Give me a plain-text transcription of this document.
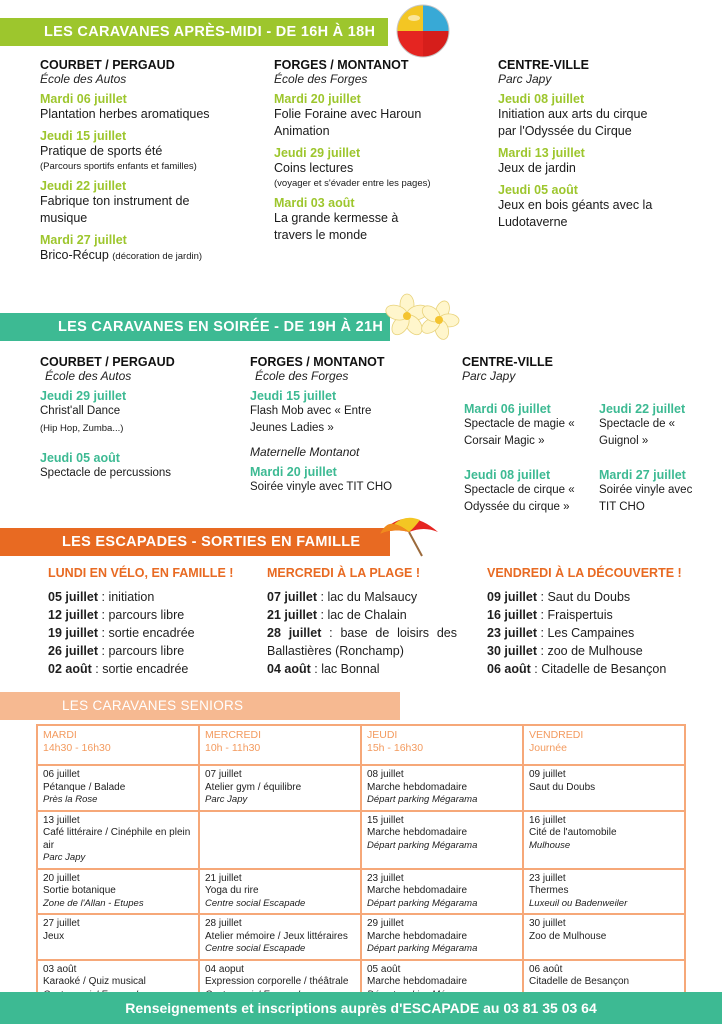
LES CARAVANES APRÈS-MIDI - DE 16H À 18H
COURBET / PERGAUD
École des Autos
Mardi 06 juillet
Plantation herbes aromatiques
Jeudi 15 juillet
Pratique de sports été
(Parcours sportifs enfants et familles)
Jeudi 22 juillet
Fabrique ton instrument de musique
Mardi 27 juillet
Brico-Récup (décoration de jardin)
FORGES / MONTANOT
École des Forges
Mardi 20 juillet
Folie Foraine avec Haroun Animation
Jeudi 29 juillet
Coins lectures
(voyager et s'évader entre les pages)
Mardi 03 août
La grande kermesse à travers le monde
CENTRE-VILLE
Parc Japy
Jeudi 08 juillet
Initiation aux arts du cirque par l'Odyssée du Cirque
Mardi 13 juillet
Jeux de jardin
Jeudi 05 août
Jeux en bois géants avec la Ludotaverne
LES CARAVANES EN SOIRÉE - DE 19H À 21H
COURBET / PERGAUD
École des Autos
Jeudi 29 juillet
Christ'all Dance
(Hip Hop, Zumba...)
Jeudi 05 août
Spectacle de percussions
FORGES / MONTANOT
École des Forges
Jeudi 15 juillet
Flash Mob avec « Entre Jeunes Ladies »
Maternelle Montanot
Mardi 20 juillet
Soirée vinyle avec TIT CHO
CENTRE-VILLE
Parc Japy
Mardi 06 juillet
Spectacle de magie « Corsair Magic »
Jeudi 22 juillet
Spectacle de « Guignol »
Jeudi 08 juillet
Spectacle de cirque « Odyssée du cirque »
Mardi 27 juillet
Soirée vinyle avec TIT CHO
LES ESCAPADES - SORTIES EN FAMILLE
LUNDI EN VÉLO, EN FAMILLE !
05 juillet : initiation
12 juillet : parcours libre
19 juillet : sortie encadrée
26 juillet : parcours libre
02 août : sortie encadrée
MERCREDI À LA PLAGE !
07 juillet : lac du Malsaucy
21 juillet : lac de Chalain
28 juillet : base de loisirs des Ballastières (Ronchamp)
04 août : lac Bonnal
VENDREDI À LA DÉCOUVERTE !
09 juillet : Saut du Doubs
16 juillet : Fraispertuis
23 juillet : Les Campaines
30 juillet : zoo de Mulhouse
06 août : Citadelle de Besançon
LES CARAVANES SENIORS
MARDI
14h30 - 16h30	MERCREDI
10h - 11h30	JEUDI
15h - 16h30	VENDREDI
Journée

06 juillet
Pétanque / Balade
Près la Rose	07 juillet
Atelier gym / équilibre
Parc Japy	08 juillet
Marche hebdomadaire
Départ parking Mégarama	09 juillet
Saut du Doubs

13 juillet
Café littéraire / Cinéphile en plein air
Parc Japy		15 juillet
Marche hebdomadaire
Départ parking Mégarama	16 juillet
Cité de l'automobile
Mulhouse

20 juillet
Sortie botanique
Zone de l'Allan - Etupes	21 juillet
Yoga du rire
Centre social Escapade	23 juillet
Marche hebdomadaire
Départ parking Mégarama	23 juillet
Thermes
Luxeuil ou Badenweiler

27 juillet
Jeux	28 juillet
Atelier mémoire / Jeux littéraires
Centre social Escapade	29 juillet
Marche hebdomadaire
Départ parking Mégarama	30 juillet
Zoo de Mulhouse

03 août
Karaoké / Quiz musical	04 aoput
Expression corporelle / théâtrale	05 août
Marche hebdomadaire	06 août
Citadelle de Besançon
Renseignements et inscriptions auprès d'ESCAPADE au 03 81 35 03 64
